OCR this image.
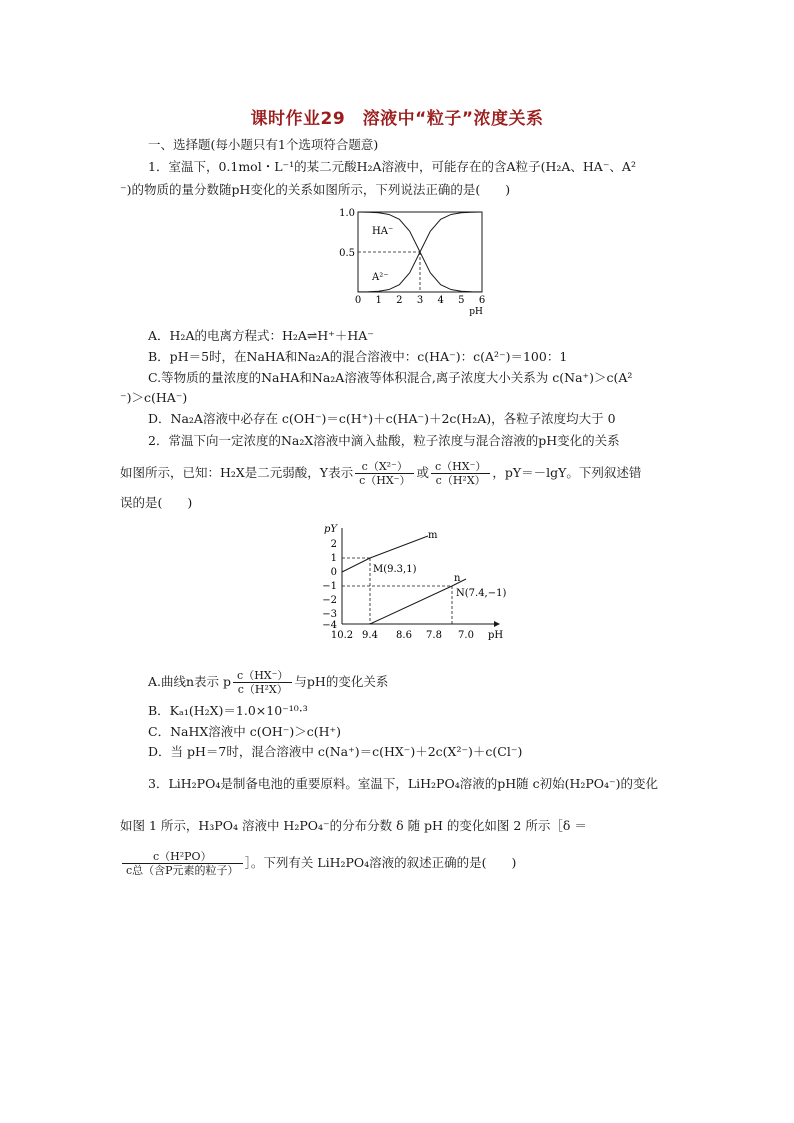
课时作业29　溶液中“粒子”浓度关系
一、选择题(每小题只有1个选项符合题意)
1．室温下，0.1mol・L⁻¹的某二元酸H₂A溶液中，可能存在的含A粒子(H₂A、HA⁻、A²
⁻)的物质的量分数随pH变化的关系如图所示，下列说法正确的是(　　)
1.0
0.5
0 1 2 3 4 5 6
pH
HA⁻
A²⁻
A．H₂A的电离方程式：H₂A⇌H⁺＋HA⁻
B．pH＝5时，在NaHA和Na₂A的混合溶液中：c(HA⁻)：c(A²⁻)＝100：1
C.等物质的量浓度的NaHA和Na₂A溶液等体积混合,离子浓度大小关系为 c(Na⁺)＞c(A²
⁻)＞c(HA⁻)
D．Na₂A溶液中必存在 c(OH⁻)＝c(H⁺)＋c(HA⁻)＋2c(H₂A)，各粒子浓度均大于 0
2．常温下向一定浓度的Na₂X溶液中滴入盐酸，粒子浓度与混合溶液的pH变化的关系
如图所示，已知：H₂X是二元弱酸，Y表示 $\frac{\text{c（X²⁻）}}{c(HX^-)}$ 或 $\frac{c(HX^-)}{\text{c（H²X）}}$ ，pY＝－lgY。下列叙述错
误的是(　　)
pY
2
1
0
−1
−2
−3
−4
10.2 9.4 8.6 7.8 7.0 pH
m
n
M(9.3,1)
N(7.4,−1)
A.曲线n表示 p $\frac{c(HX^-)}{\text{c（H²X）}}$ 与pH的变化关系
B．Kₐ₁(H₂X)＝1.0×10⁻¹⁰·³
C．NaHX溶液中 c(OH⁻)＞c(H⁺)
D．当 pH＝7时，混合溶液中 c(Na⁺)＝c(HX⁻)＋2c(X²⁻)＋c(Cl⁻)
3．LiH₂PO₄是制备电池的重要原料。室温下，LiH₂PO₄溶液的pH随 c初始(H₂PO₄⁻)的变化
如图 1 所示，H₃PO₄ 溶液中 H₂PO₄⁻的分布分数 δ 随 pH 的变化如图 2 所示［δ ＝
$\frac{\text{c（H²PO）}}{\text{c总（含P元素的粒子）}}$ ］。下列有关 LiH₂PO₄溶液的叙述正确的是(　　)
